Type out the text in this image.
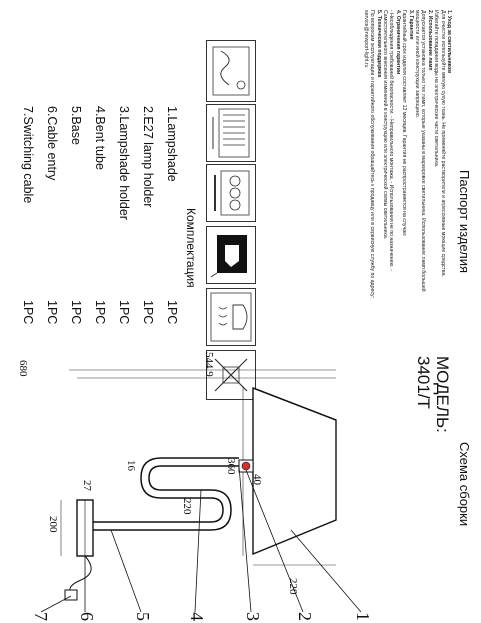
Паспорт изделия

1. Уход за светильником
Для очистки используйте мягкую сухую ткань. Не применяйте растворители и агрессивные моющие средства. Избегайте попадания воды на электрические части светильника.

2. Использование ламп
Допускается установка только тех ламп, которые указаны в маркировке светильника. Использование ламп большей мощности или иной конструкции запрещено.

3. Гарантия
Гарантийный срок изделия составляет 12 месяцев. Гарантия не распространяется на случаи:

4. Ограничения гарантии
- Несоблюдения требований безопасности. - Неправильного монтажа. - Использования не по назначению. - Самостоятельного внесения изменений в конструкцию или электрической схемы светильника.

5. Техническая поддержка
По вопросам эксплуатации и гарантийного обслуживания обращайтесь к продавцу или в сервисную службу по адресу: service@newport-light.ru

Комплектация
1.Lampshade
1PC
2.E27 lamp holder
1PC
3.Lampshade holder
1PC
4.Bent tube
1PC
5.Base
1PC
6.Cable entry
1PC
7.Switching cable
1PC
Схема сборки
МОДЕЛЬ:
3401/T
220
360
544.9
40
220
16
27
200
680
1
2
3
4
5
6
7
